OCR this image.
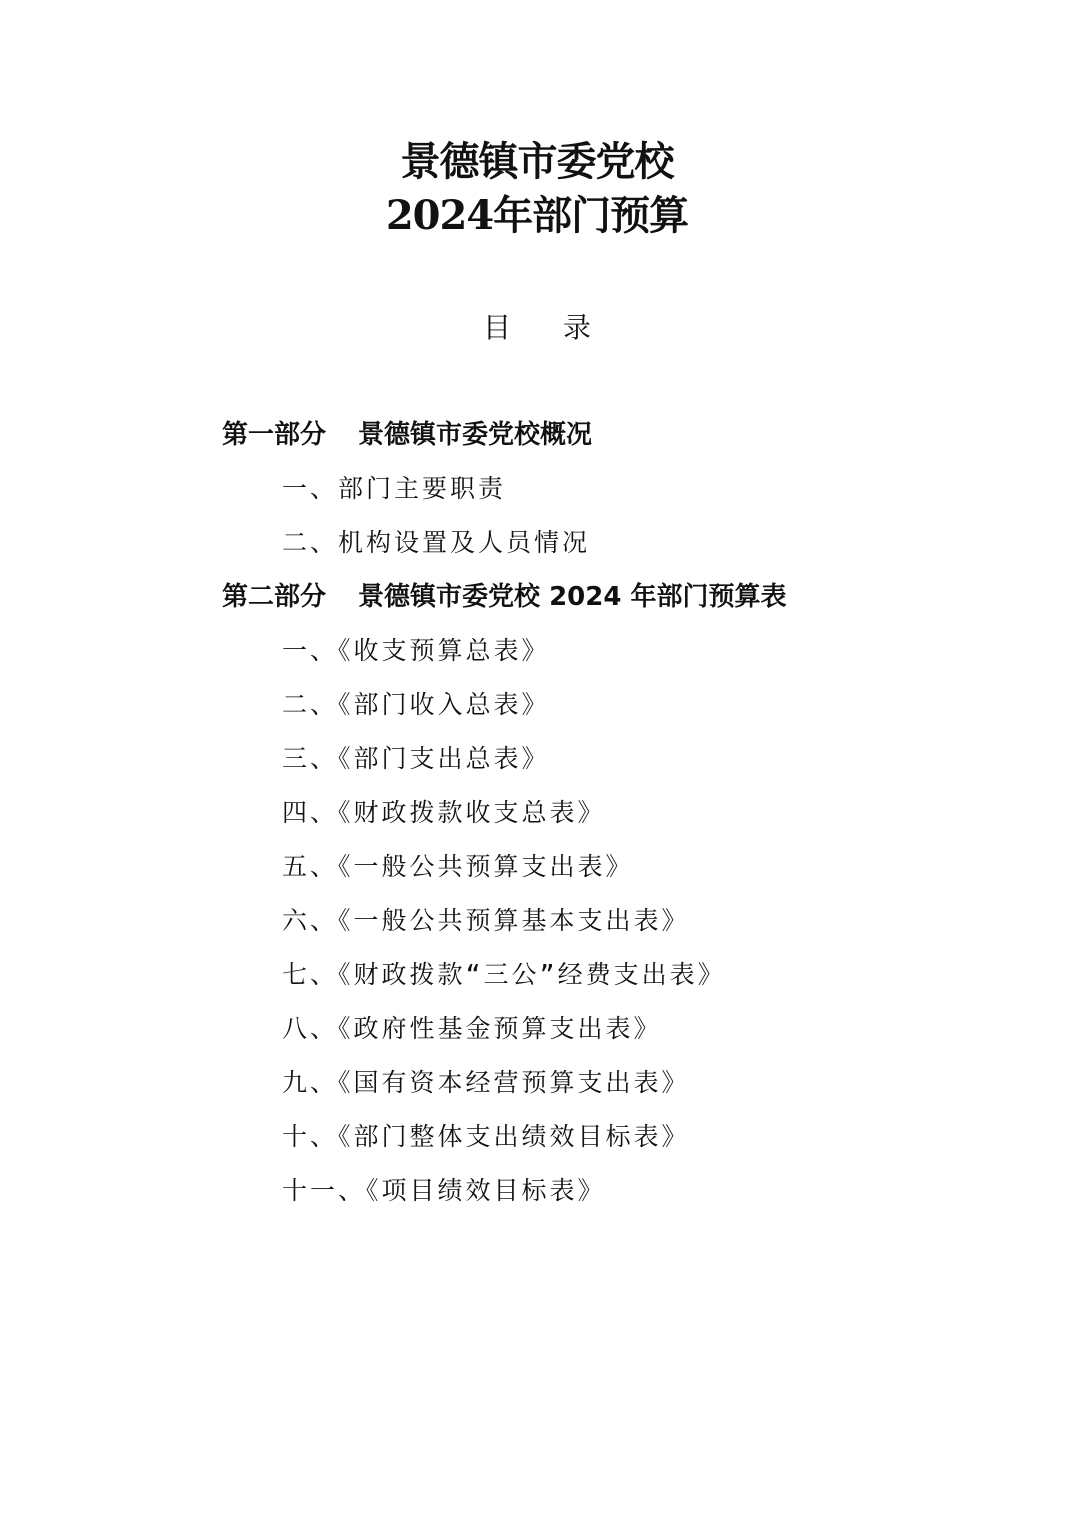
景德镇市委党校
2024年部门预算
目录
第一部分 景德镇市委党校概况
一、部门主要职责
二、机构设置及人员情况
第二部分 景德镇市委党校 2024 年部门预算表
一、《收支预算总表》
二、《部门收入总表》
三、《部门支出总表》
四、《财政拨款收支总表》
五、《一般公共预算支出表》
六、《一般公共预算基本支出表》
七、《财政拨款“三公”经费支出表》
八、《政府性基金预算支出表》
九、《国有资本经营预算支出表》
十、《部门整体支出绩效目标表》
十一、《项目绩效目标表》
